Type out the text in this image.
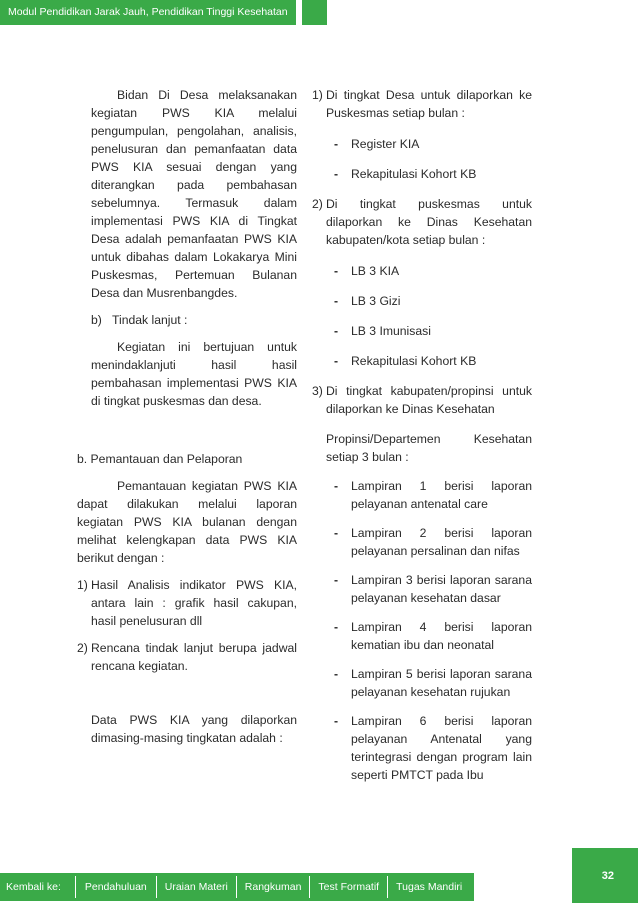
Modul Pendidikan Jarak Jauh, Pendidikan Tinggi Kesehatan

Bidan Di Desa melaksanakan kegiatan PWS KIA melalui pengumpulan, pengolahan, analisis, penelusuran dan pemanfaatan data PWS KIA sesuai dengan yang diterangkan pada pembahasan sebelumnya. Termasuk dalam implementasi PWS KIA di Tingkat Desa adalah pemanfaatan PWS KIA untuk dibahas dalam Lokakarya Mini Puskesmas, Pertemuan Bulanan Desa dan Musrenbangdes.

b) Tindak lanjut :

Kegiatan ini bertujuan untuk menindaklanjuti hasil hasil pembahasan implementasi PWS KIA di tingkat puskesmas dan desa.

b. Pemantauan dan Pelaporan

Pemantauan kegiatan PWS KIA dapat dilakukan melalui laporan kegiatan PWS KIA bulanan dengan melihat kelengkapan data PWS KIA berikut dengan :

1) Hasil Analisis indikator PWS KIA, antara lain : grafik hasil cakupan, hasil penelusuran dll
2) Rencana tindak lanjut berupa jadwal rencana kegiatan.

Data PWS KIA yang dilaporkan dimasing-masing tingkatan adalah :

1) Di tingkat Desa untuk dilaporkan ke Puskesmas setiap bulan :
-	Register KIA
-	Rekapitulasi Kohort KB
2) Di tingkat puskesmas untuk dilaporkan ke Dinas Kesehatan kabupaten/kota setiap bulan :
-	LB 3 KIA
-	LB 3 Gizi
-	LB 3 Imunisasi
-	Rekapitulasi Kohort KB
3) Di tingkat kabupaten/propinsi untuk dilaporkan ke Dinas Kesehatan
Propinsi/Departemen Kesehatan setiap 3 bulan :
-	Lampiran 1 berisi laporan pelayanan antenatal care
-	Lampiran 2 berisi laporan pelayanan persalinan dan nifas
-	Lampiran 3 berisi laporan sarana pelayanan kesehatan dasar
-	Lampiran 4 berisi laporan kematian ibu dan neonatal
-	Lampiran 5 berisi laporan sarana pelayanan kesehatan rujukan
-	Lampiran 6 berisi laporan pelayanan Antenatal yang terintegrasi dengan program lain seperti PMTCT pada Ibu
32
Kembali ke:	Pendahuluan	Uraian Materi	Rangkuman	Test Formatif	Tugas Mandiri
